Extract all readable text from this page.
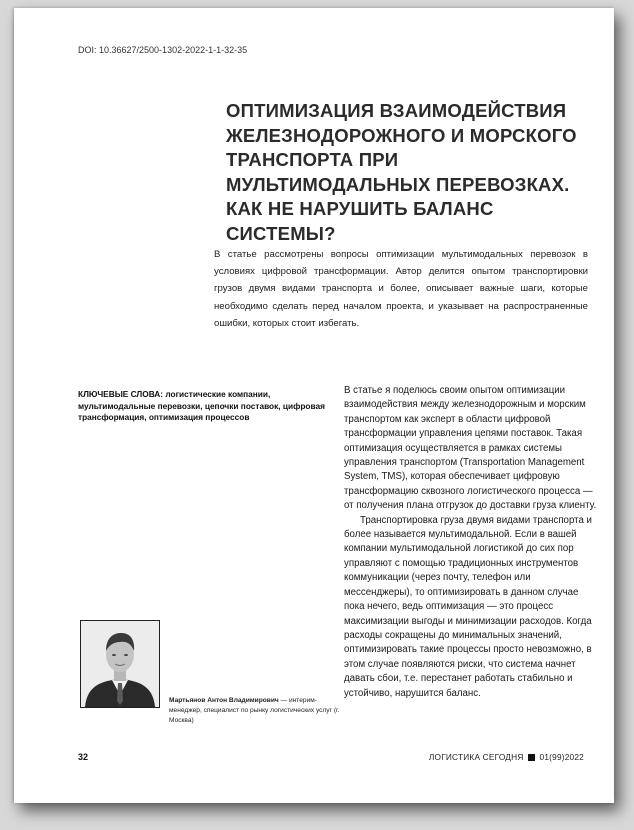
DOI: 10.36627/2500-1302-2022-1-1-32-35
ОПТИМИЗАЦИЯ ВЗАИМОДЕЙСТВИЯ ЖЕЛЕЗНОДОРОЖНОГО И МОРСКОГО ТРАНСПОРТА ПРИ МУЛЬТИМОДАЛЬНЫХ ПЕРЕВОЗКАХ. КАК НЕ НАРУШИТЬ БАЛАНС СИСТЕМЫ?

В статье рассмотрены вопросы оптимизации мультимодальных перевозок в условиях цифровой трансформации. Автор делится опытом транспортировки грузов двумя видами транспорта и более, описывает важные шаги, которые необходимо сделать перед началом проекта, и указывает на распространенные ошибки, которых стоит избегать.

КЛЮЧЕВЫЕ СЛОВА: логистические компании, мультимодальные перевозки, цепочки поставок, цифровая трансформация, оптимизация процессов

В статье я поделюсь своим опытом оптимизации взаимодействия между железнодорожным и морским транспортом как эксперт в области цифровой трансформации управления цепями поставок. Такая оптимизация осуществляется в рамках системы управления транспортом (Transportation Management System, TMS), которая обеспечивает цифровую трансформацию сквозного логистического процесса — от получения плана отгрузок до доставки груза клиенту.

Транспортировка груза двумя видами транспорта и более называется мультимодальной. Если в вашей компании мультимодальной логистикой до сих пор управляют с помощью традиционных инструментов коммуникации (через почту, телефон или мессенджеры), то оптимизировать в данном случае пока нечего, ведь оптимизация — это процесс максимизации выгоды и минимизации расходов. Когда расходы сокращены до минимальных значений, оптимизировать такие процессы просто невозможно, в этом случае появляются риски, что система начнет давать сбои, т.е. перестанет работать стабильно и устойчиво, нарушится баланс.

Мартьянов Антон Владимирович — интерим-менеджер, специалист по рынку логистических услуг (г. Москва)

32	ЛОГИСТИКА СЕГОДНЯ 01(99)2022
